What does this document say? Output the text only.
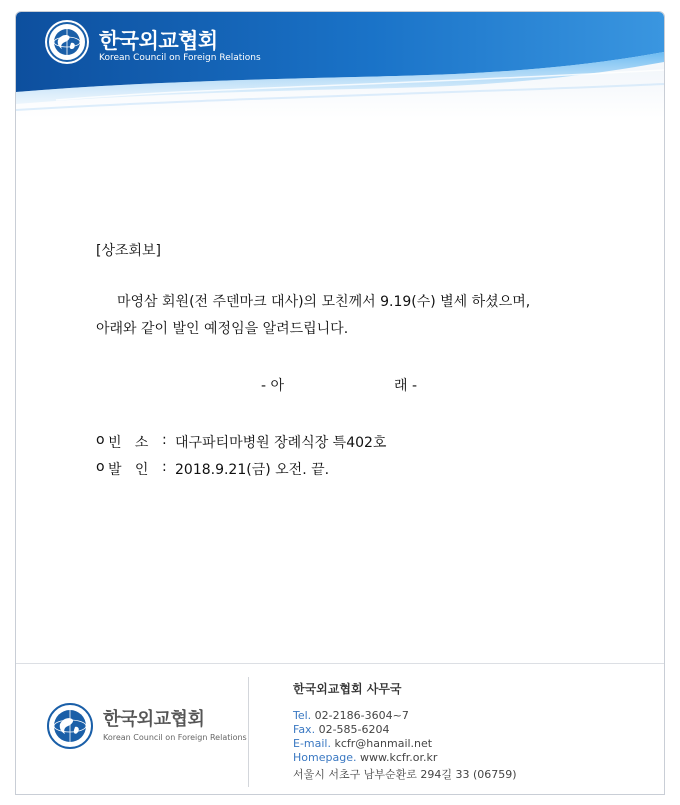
한국외교협회
Korean Council on Foreign Relations
[상조회보]
마영삼 회원(전 주덴마크 대사)의 모친께서 9.19(수) 별세 하셨으며,
아래와 같이 발인 예정임을 알려드립니다.
- 아	래 -
o 빈   소 : 대구파티마병원 장례식장 특402호
o 발   인 : 2018.9.21(금) 오전. 끝.
한국외교협회
Korean Council on Foreign Relations
한국외교협회 사무국
Tel. 02-2186-3604~7
Fax. 02-585-6204
E-mail. kcfr@hanmail.net
Homepage. www.kcfr.or.kr
서울시 서초구 남부순환로 294길 33 (06759)
